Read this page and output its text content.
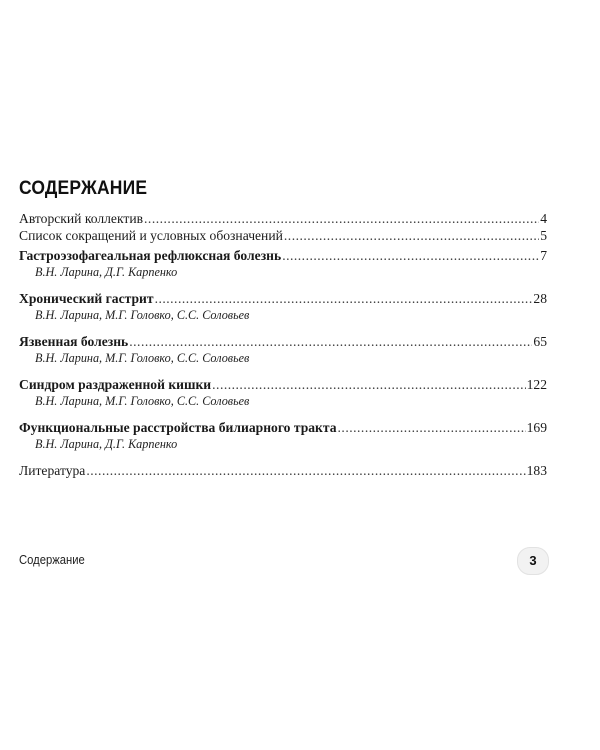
СОДЕРЖАНИЕ
Авторский коллектив .....	4
Список сокращений и условных обозначений .....	5
Гастроэзофагеальная рефлюксная болезнь .....	7
В.Н. Ларина, Д.Г. Карпенко
Хронический гастрит .....	28
В.Н. Ларина, М.Г. Головко, С.С. Соловьев
Язвенная болезнь .....	65
В.Н. Ларина, М.Г. Головко, С.С. Соловьев
Синдром раздраженной кишки .....	122
В.Н. Ларина, М.Г. Головко, С.С. Соловьев
Функциональные расстройства билиарного тракта .....	169
В.Н. Ларина, Д.Г. Карпенко
Литература .....	183
Содержание	3
